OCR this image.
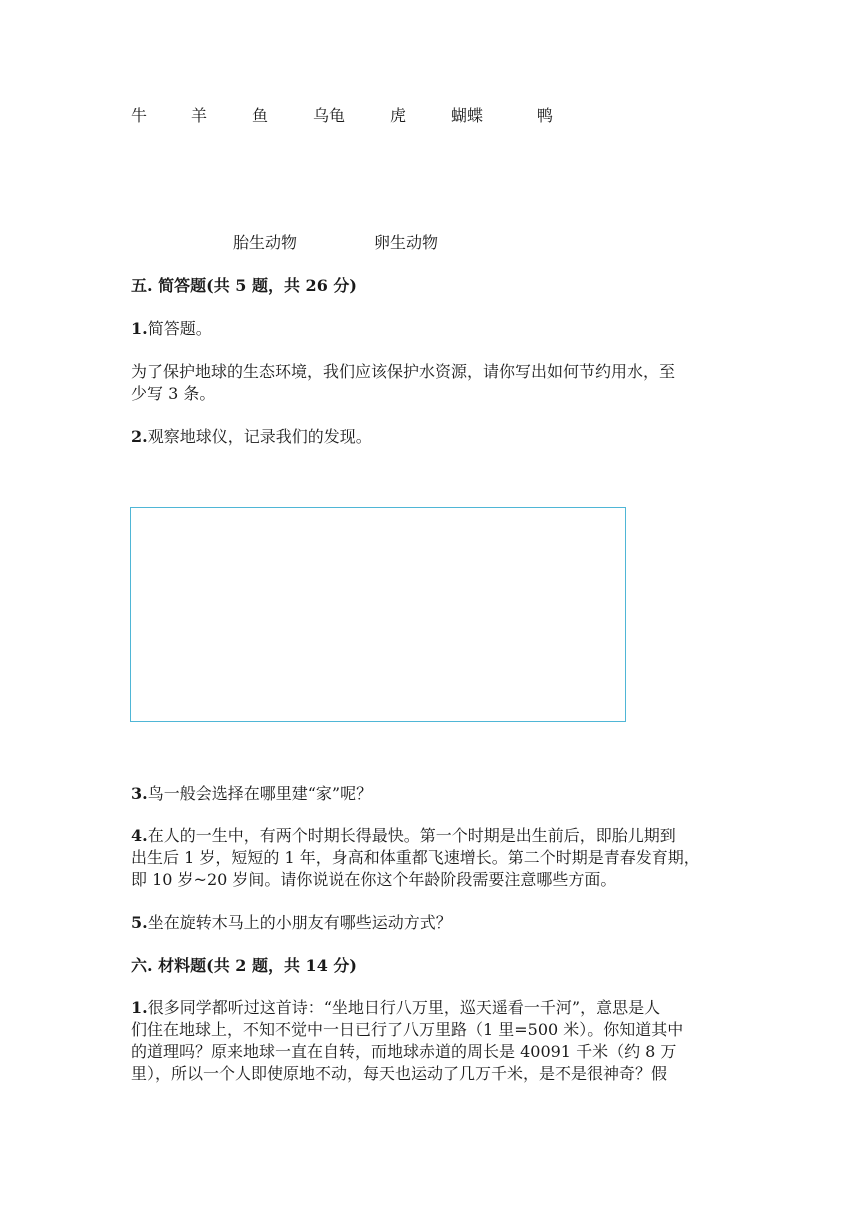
牛	羊	鱼	乌龟	虎	蝴蝶	鸭
胎生动物	卵生动物
五. 简答题(共 5 题，共 26 分)
1.简答题。
为了保护地球的生态环境，我们应该保护水资源，请你写出如何节约用水，至
少写 3 条。
2.观察地球仪，记录我们的发现。
3.鸟一般会选择在哪里建“家”呢？
4.在人的一生中，有两个时期长得最快。第一个时期是出生前后，即胎儿期到
出生后 1 岁，短短的 1 年，身高和体重都飞速增长。第二个时期是青春发育期，
即 10 岁~20 岁间。请你说说在你这个年龄阶段需要注意哪些方面。
5.坐在旋转木马上的小朋友有哪些运动方式？
六. 材料题(共 2 题，共 14 分)
1.很多同学都听过这首诗：“坐地日行八万里，巡天遥看一千河”，意思是人
们住在地球上，不知不觉中一日已行了八万里路（1 里=500 米）。你知道其中
的道理吗？原来地球一直在自转，而地球赤道的周长是 40091 千米（约 8 万
里），所以一个人即使原地不动，每天也运动了几万千米，是不是很神奇？假
